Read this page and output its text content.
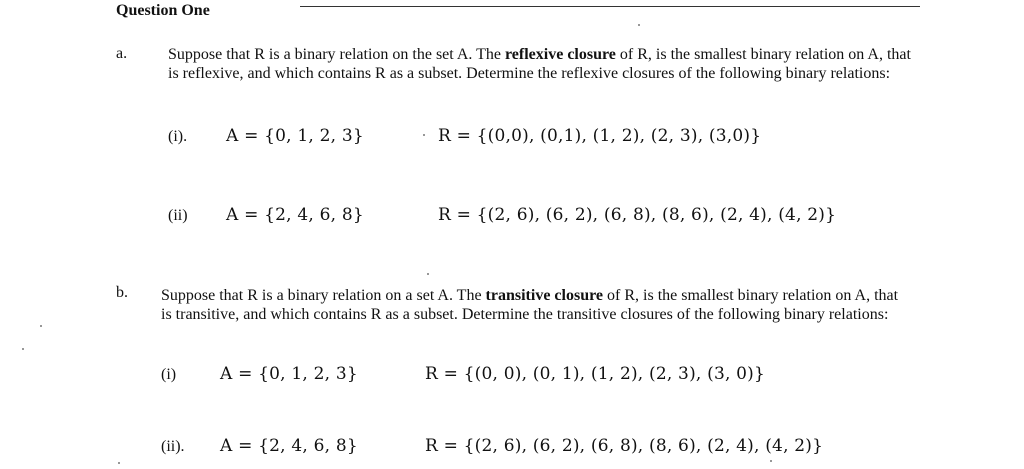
Question One
a.	Suppose that R is a binary relation on the set A. The reflexive closure of R, is the smallest binary relation on A, that is reflexive, and which contains R as a subset. Determine the reflexive closures of the following binary relations:
(i). A = {0, 1, 2, 3}	R = {(0,0), (0,1), (1, 2), (2, 3), (3,0)}
(ii) A = {2, 4, 6, 8}	R = {(2, 6), (6, 2), (6, 8), (8, 6), (2, 4), (4, 2)}
b. Suppose that R is a binary relation on a set A. The transitive closure of R, is the smallest binary relation on A, that is transitive, and which contains R as a subset. Determine the transitive closures of the following binary relations:
(i)	A = {0, 1, 2, 3}	R = {(0, 0), (0, 1), (1, 2), (2, 3), (3, 0)}
(ii). A = {2, 4, 6, 8}	R = {(2, 6), (6, 2), (6, 8), (8, 6), (2, 4), (4, 2)}
